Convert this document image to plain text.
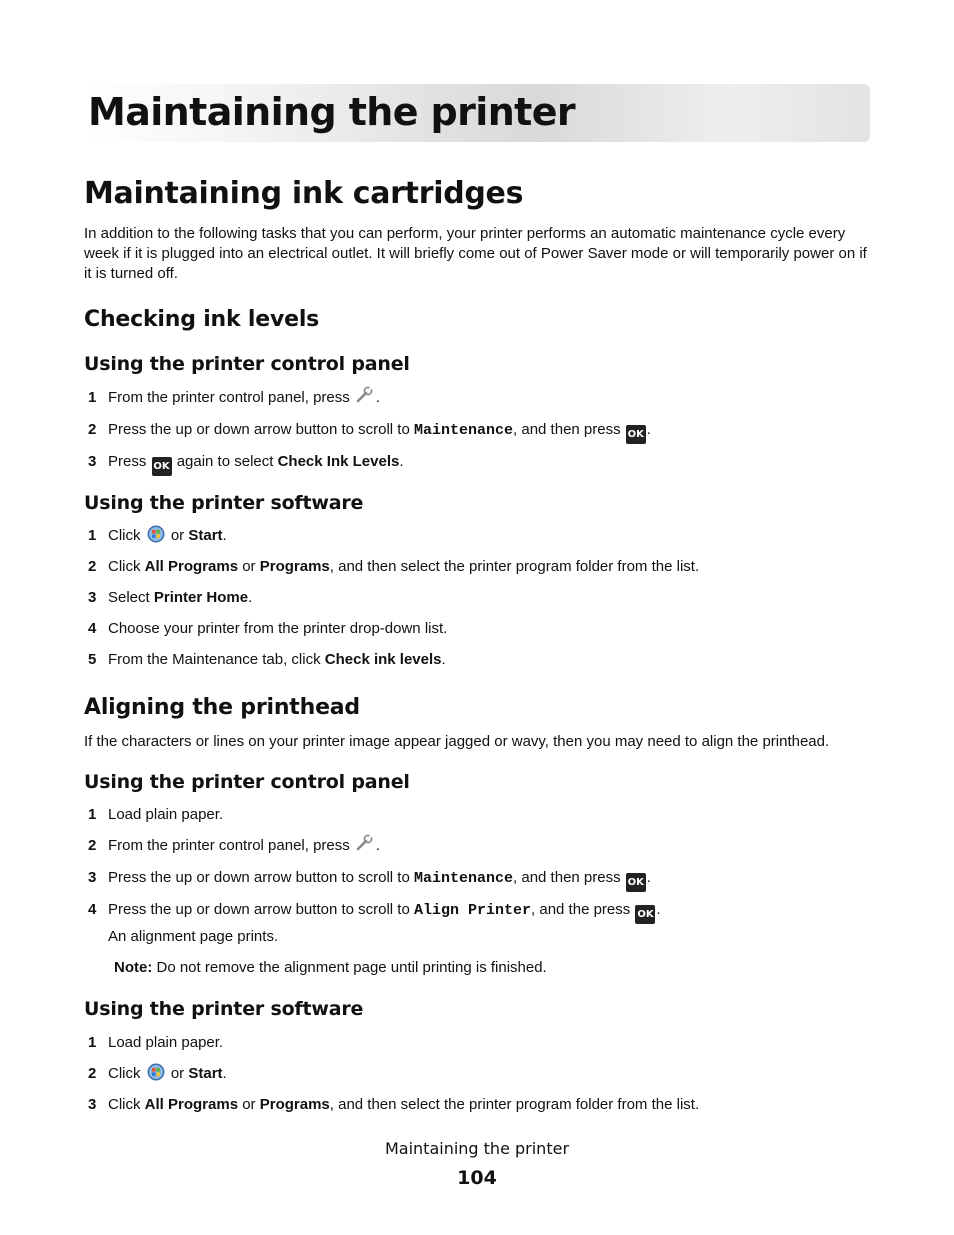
Maintaining the printer
Maintaining ink cartridges

In addition to the following tasks that you can perform, your printer performs an automatic maintenance cycle every week if it is plugged into an electrical outlet. It will briefly come out of Power Saver mode or will temporarily power on if it is turned off.

Checking ink levels
Using the printer control panel
1 From the printer control panel, press .
2 Press the up or down arrow button to scroll to Maintenance, and then press OK .
3 Press OK again to select Check Ink Levels.
Using the printer software
1 Click or Start.
2 Click All Programs or Programs, and then select the printer program folder from the list.
3 Select Printer Home.
4 Choose your printer from the printer drop-down list.
5 From the Maintenance tab, click Check ink levels.
Aligning the printhead

If the characters or lines on your printer image appear jagged or wavy, then you may need to align the printhead.

Using the printer control panel
1 Load plain paper.
2 From the printer control panel, press .
3 Press the up or down arrow button to scroll to Maintenance, and then press OK .
4 Press the up or down arrow button to scroll to Align Printer, and the press OK .
An alignment page prints.
Note: Do not remove the alignment page until printing is finished.
Using the printer software
1 Load plain paper.
2 Click or Start.
3 Click All Programs or Programs, and then select the printer program folder from the list.
Maintaining the printer
104
